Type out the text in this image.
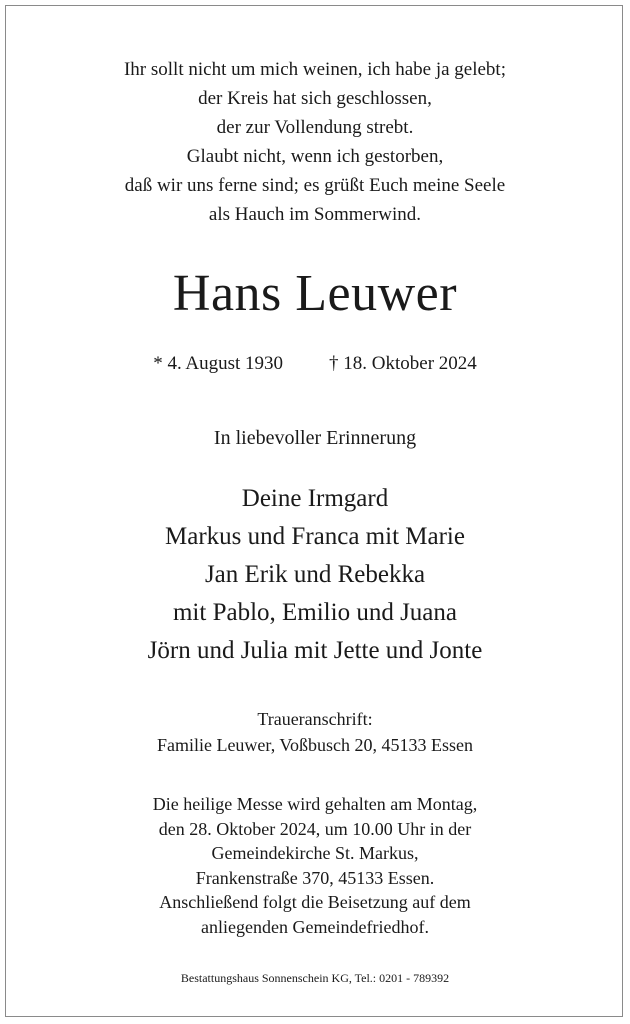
Ihr sollt nicht um mich weinen, ich habe ja gelebt;
der Kreis hat sich geschlossen,
der zur Vollendung strebt.
Glaubt nicht, wenn ich gestorben,
daß wir uns ferne sind; es grüßt Euch meine Seele
als Hauch im Sommerwind.
Hans Leuwer
* 4. August 1930 † 18. Oktober 2024
In liebevoller Erinnerung
Deine Irmgard
Markus und Franca mit Marie
Jan Erik und Rebekka
mit Pablo, Emilio und Juana
Jörn und Julia mit Jette und Jonte
Traueranschrift:
Familie Leuwer, Voßbusch 20, 45133 Essen
Die heilige Messe wird gehalten am Montag,
den 28. Oktober 2024, um 10.00 Uhr in der
Gemeindekirche St. Markus,
Frankenstraße 370, 45133 Essen.
Anschließend folgt die Beisetzung auf dem
anliegenden Gemeindefriedhof.
Bestattungshaus Sonnenschein KG, Tel.: 0201 - 789392
